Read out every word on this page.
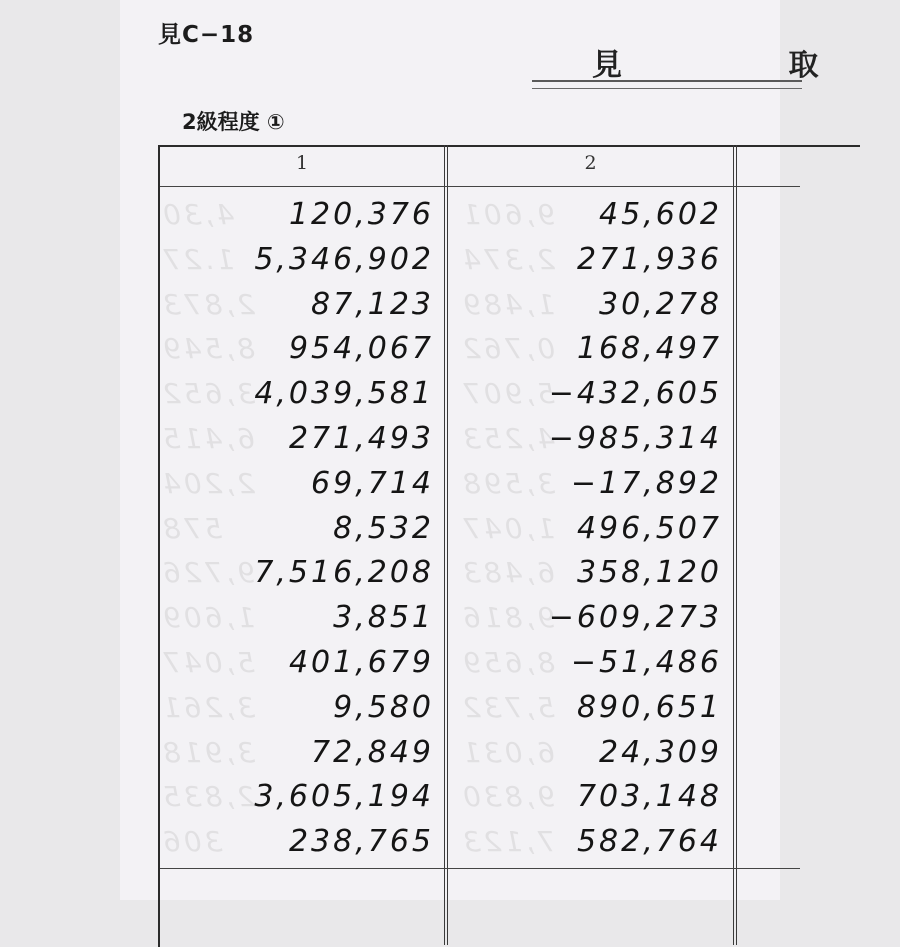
見C−18
見 取
2級程度 ①
4,30
1.27
2,873
8,549
3,652
6,415
2,204
578
9,726
1,609
5,047
3,261
3,918
2,835
306
9,601
2,374
1,489
0,762
5,907
4,253
3,598
1,047
6,483
9,816
8,659
5,732
6,031
9,830
7,123
1	2
120,376
5,346,902
87,123
954,067
4,039,581
271,493
69,714
8,532
7,516,208
3,851
401,679
9,580
72,849
3,605,194
238,765
45,602
271,936
30,278
168,497
−432,605
−985,314
−17,892
496,507
358,120
−609,273
−51,486
890,651
24,309
703,148
582,764
